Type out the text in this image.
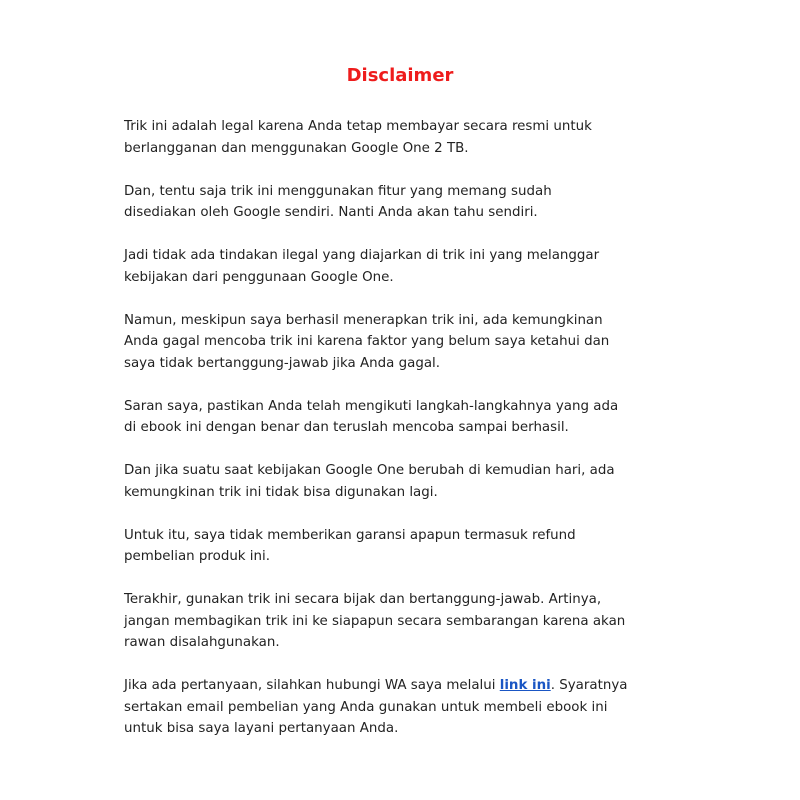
Disclaimer

Trik ini adalah legal karena Anda tetap membayar secara resmi untuk
berlangganan dan menggunakan Google One 2 TB.

Dan, tentu saja trik ini menggunakan fitur yang memang sudah
disediakan oleh Google sendiri. Nanti Anda akan tahu sendiri.

Jadi tidak ada tindakan ilegal yang diajarkan di trik ini yang melanggar
kebijakan dari penggunaan Google One.

Namun, meskipun saya berhasil menerapkan trik ini, ada kemungkinan
Anda gagal mencoba trik ini karena faktor yang belum saya ketahui dan
saya tidak bertanggung-jawab jika Anda gagal.

Saran saya, pastikan Anda telah mengikuti langkah-langkahnya yang ada
di ebook ini dengan benar dan teruslah mencoba sampai berhasil.

Dan jika suatu saat kebijakan Google One berubah di kemudian hari, ada
kemungkinan trik ini tidak bisa digunakan lagi.

Untuk itu, saya tidak memberikan garansi apapun termasuk refund
pembelian produk ini.

Terakhir, gunakan trik ini secara bijak dan bertanggung-jawab. Artinya,
jangan membagikan trik ini ke siapapun secara sembarangan karena akan
rawan disalahgunakan.

Jika ada pertanyaan, silahkan hubungi WA saya melalui link ini. Syaratnya
sertakan email pembelian yang Anda gunakan untuk membeli ebook ini
untuk bisa saya layani pertanyaan Anda.
